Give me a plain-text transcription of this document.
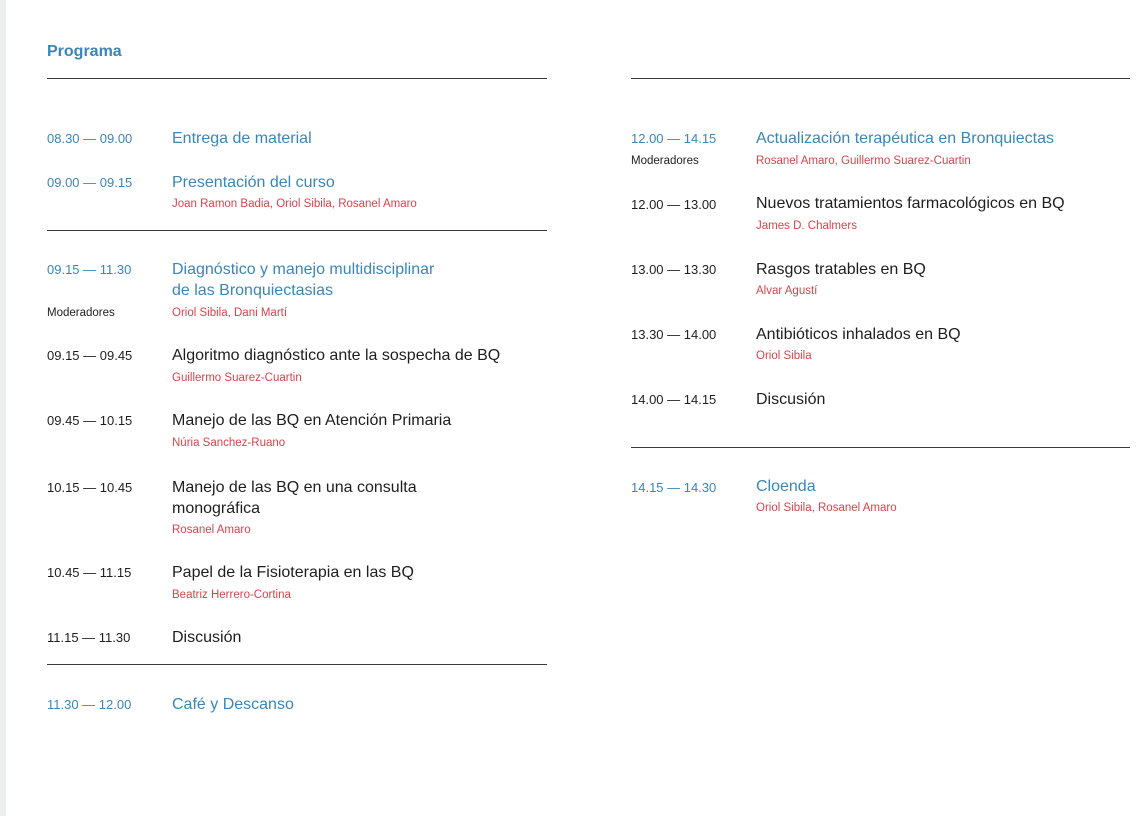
Programa
08.30 — 09.00 Entrega de material
09.00 — 09.15 Presentación del curso
Joan Ramon Badia, Oriol Sibila, Rosanel Amaro
09.15 — 11.30	Diagnóstico y manejo multidisciplinar
de las Bronquiectasias
Moderadores	Oriol Sibila, Dani Martí
09.15 — 09.45 Algoritmo diagnóstico ante la sospecha de BQ
Guillermo Suarez-Cuartin
09.45 — 10.15 Manejo de las BQ en Atención Primaria
Núria Sanchez-Ruano
10.15 — 10.45 Manejo de las BQ en una consulta
monográfica
Rosanel Amaro
10.45 — 11.15	Papel de la Fisioterapia en las BQ
Beatriz Herrero-Cortina
11.15 — 11.30	Discusión
11.30 — 12.00	Café y Descanso
12.00 — 14.15 Actualización terapéutica en Bronquiectas
Moderadores	Rosanel Amaro, Guillermo Suarez-Cuartin
12.00 — 13.00 Nuevos tratamientos farmacológicos en BQ
James D. Chalmers
13.00 — 13.30 Rasgos tratables en BQ
Alvar Agustí
13.30 — 14.00 Antibióticos inhalados en BQ
Oriol Sibila
14.00 — 14.15 Discusión
14.15 — 14.30 Cloenda
Oriol Sibila, Rosanel Amaro
